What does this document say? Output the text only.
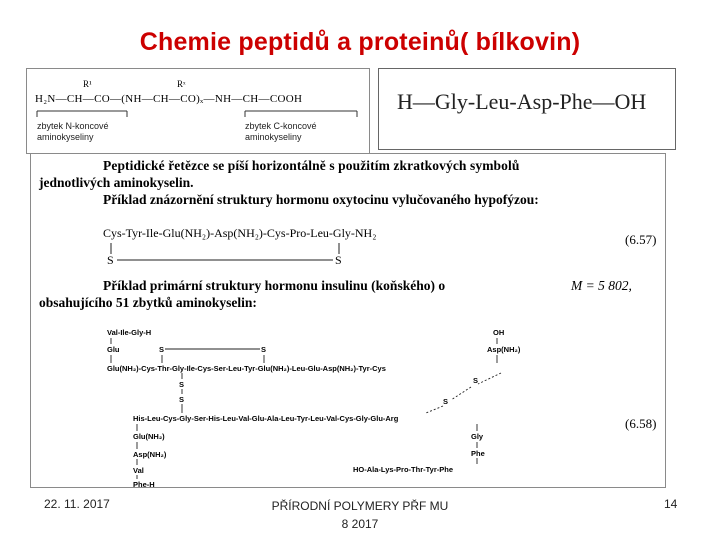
Chemie peptidů a proteinů( bílkovin)
R¹	Rˣ
H₂N—CH—CO—(NH—CH—CO)ₓ—NH—CH—COOH
zbytek N-koncové
aminokyseliny
zbytek C-koncové
aminokyseliny
H—Gly-Leu-Asp-Phe—OH
Peptidické řetězce se píší horizontálně s použitím zkratkových symbolů
jednotlivých aminokyselin.
Příklad znázornění struktury hormonu oxytocinu vylučovaného hypofýzou:
Cys-Tyr-Ile-Glu(NH₂)-Asp(NH₂)-Cys-Pro-Leu-Gly-NH₂
S	S
(6.57)
Příklad primární struktury hormonu insulinu (koňského) o	M = 5 802,
obsahujícího 51 zbytků aminokyselin:
Val-Ile-Gly-H
Glu	S	S
Glu(NH₂)-Cys-Thr-Gly-Ile-Cys-Ser-Leu-Tyr-Glu(NH₂)-Leu-Glu-Asp(NH₂)-Tyr-Cys
OH
Asp(NH₂)
S
S
S
S
His-Leu-Cys-Gly-Ser-His-Leu-Val-Glu-Ala-Leu-Tyr-Leu-Val-Cys-Gly-Glu-Arg
Glu(NH₂)
Asp(NH₂)
Val
Phe-H
Gly
Phe
HO-Ala-Lys-Pro-Thr-Tyr-Phe
(6.58)
22. 11. 2017	PŘÍRODNÍ POLYMERY PŘF MU
8 2017
14
